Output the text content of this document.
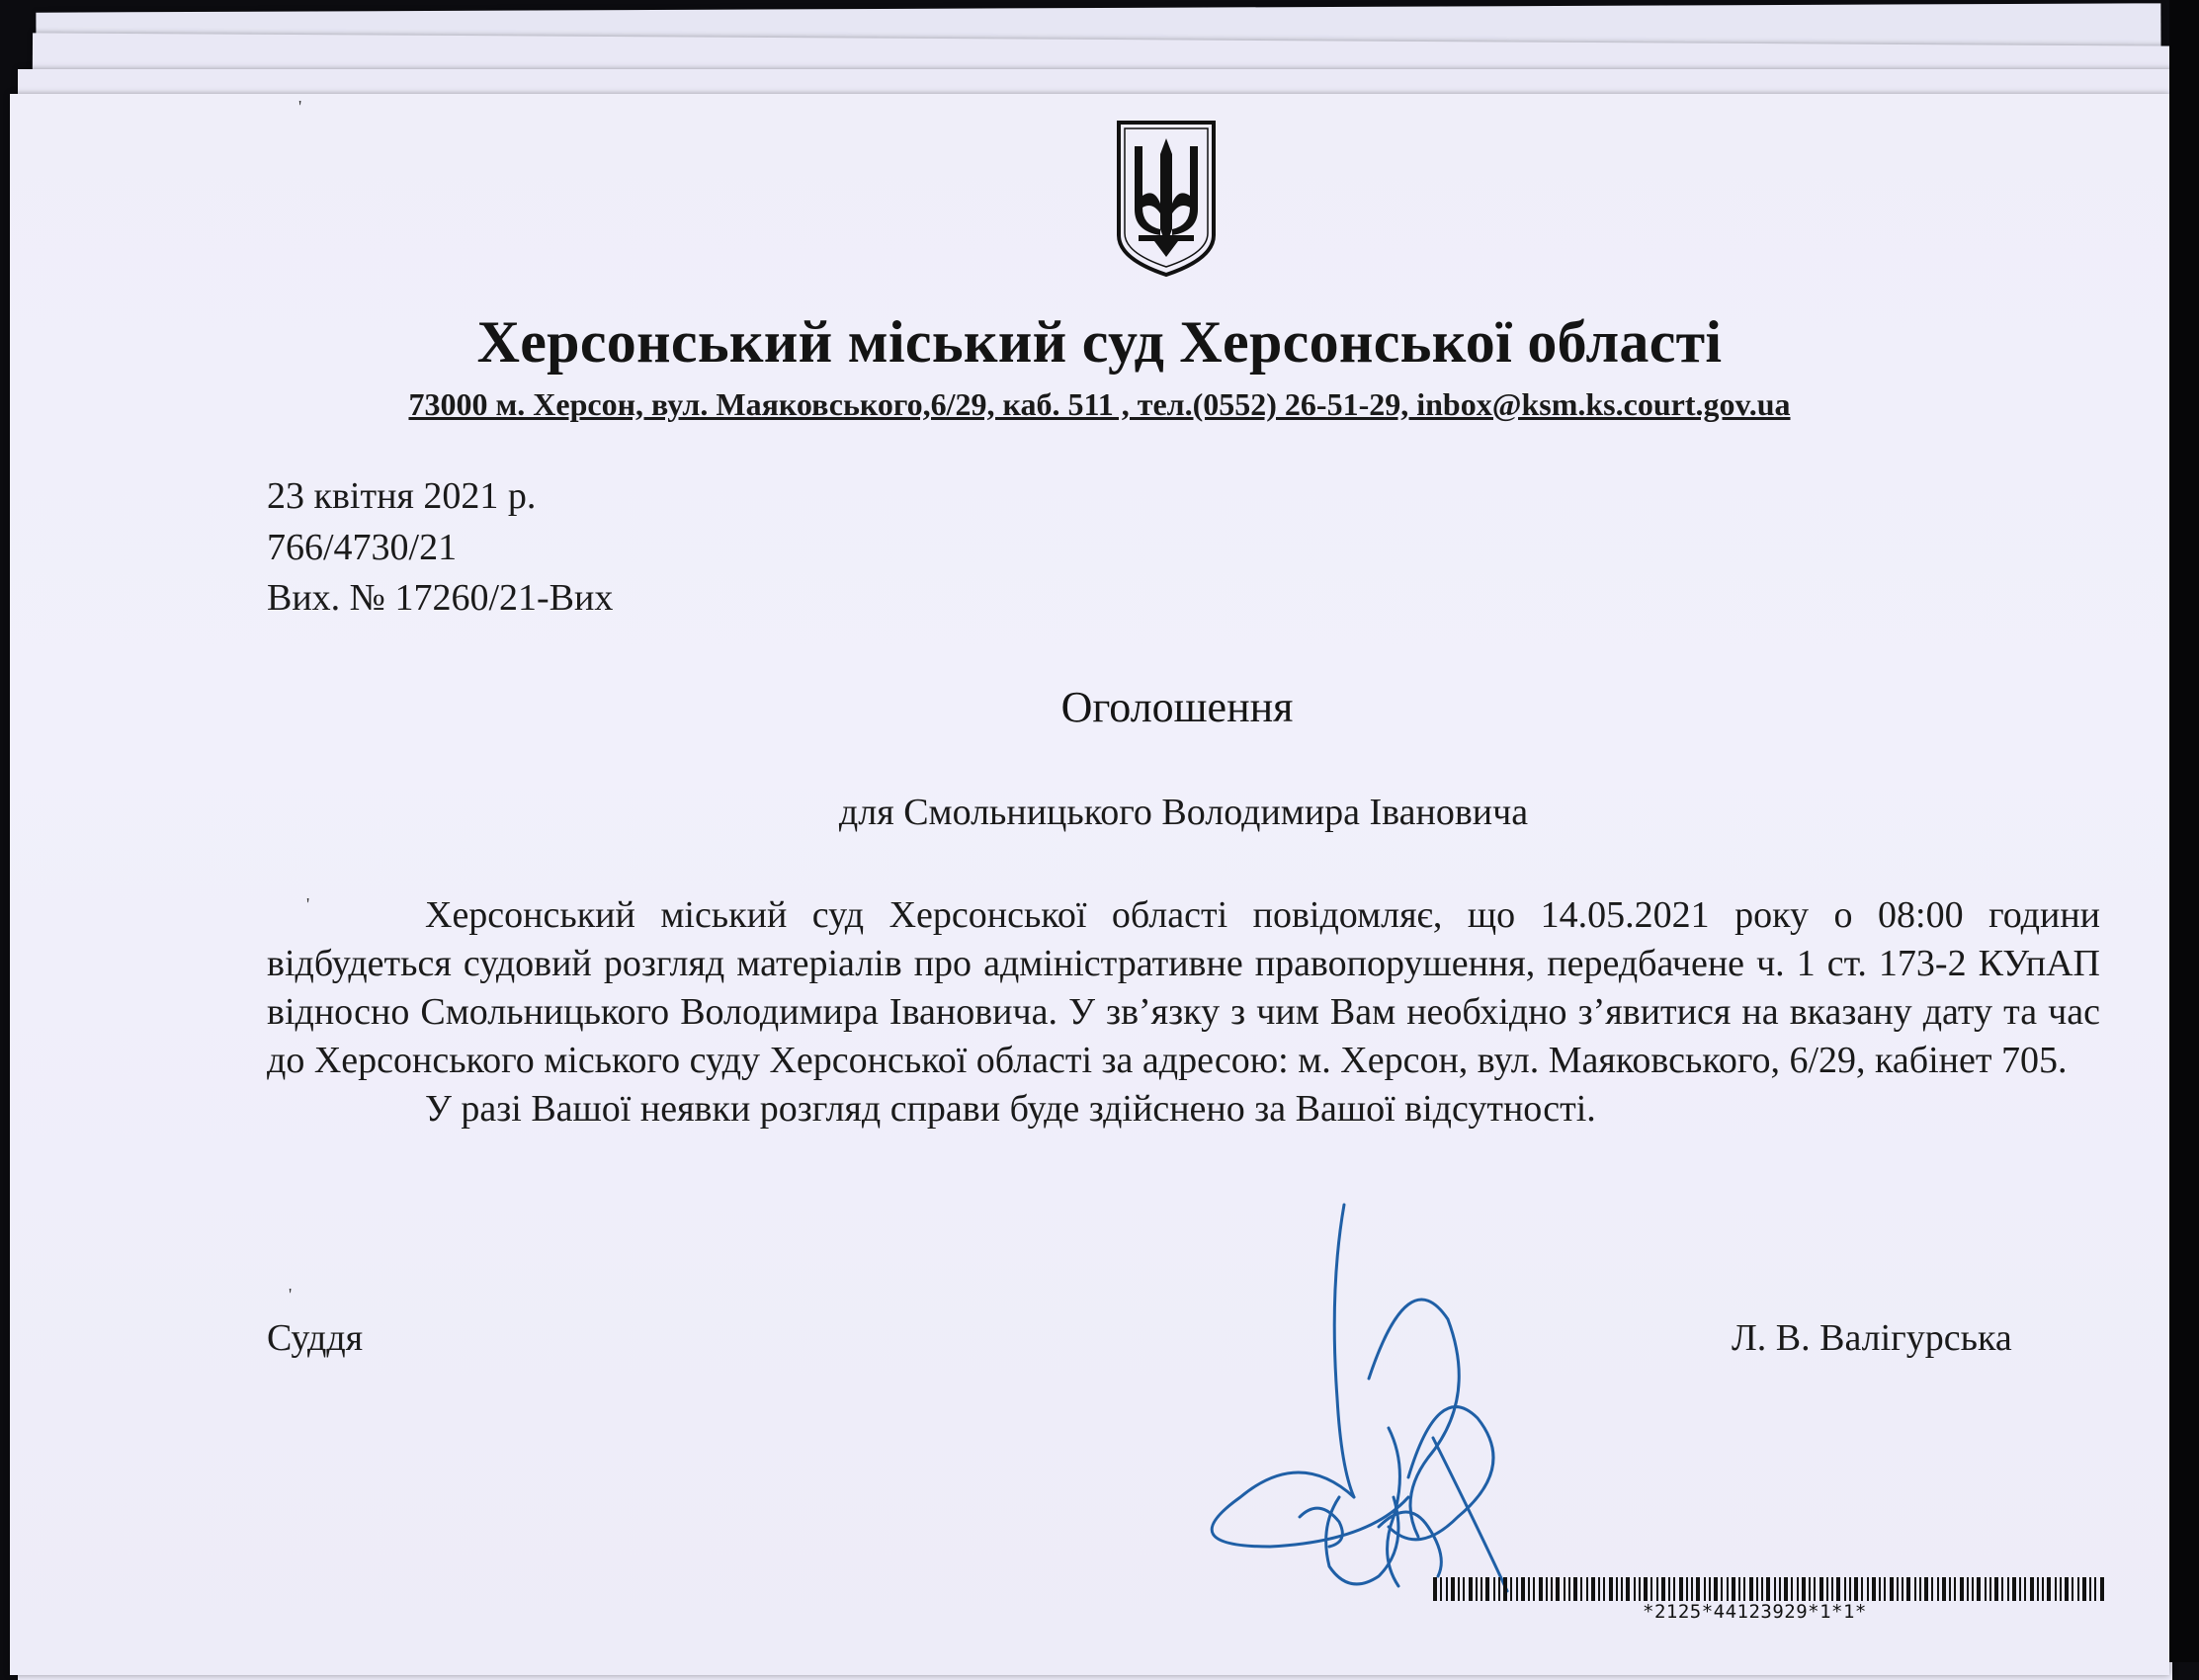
Херсонський міський суд Херсонської області
73000 м. Херсон, вул. Маяковського,6/29, каб. 511 , тел.(0552) 26-51-29, inbox@ksm.ks.court.gov.ua
23 квітня 2021 р.
766/4730/21
Вих. № 17260/21-Вих
Оголошення
для Смольницького Володимира Івановича

Херсонський міський суд Херсонської області повідомляє, що 14.05.2021 року о 08:00 години відбудеться судовий розгляд матеріалів про адміністративне правопорушення, передбачене ч. 1 ст. 173-2 КУпАП відносно Смольницького Володимира Івановича. У зв’язку з чим Вам необхідно з’явитися на вказану дату та час до Херсонського міського суду Херсонської області за адресою: м. Херсон, вул. Маяковського, 6/29, кабінет 705.

У разі Вашої неявки розгляд справи буде здійснено за Вашої відсутності.

Суддя	Л. В. Валігурська
*2125*44123929*1*1*
'
'
'
